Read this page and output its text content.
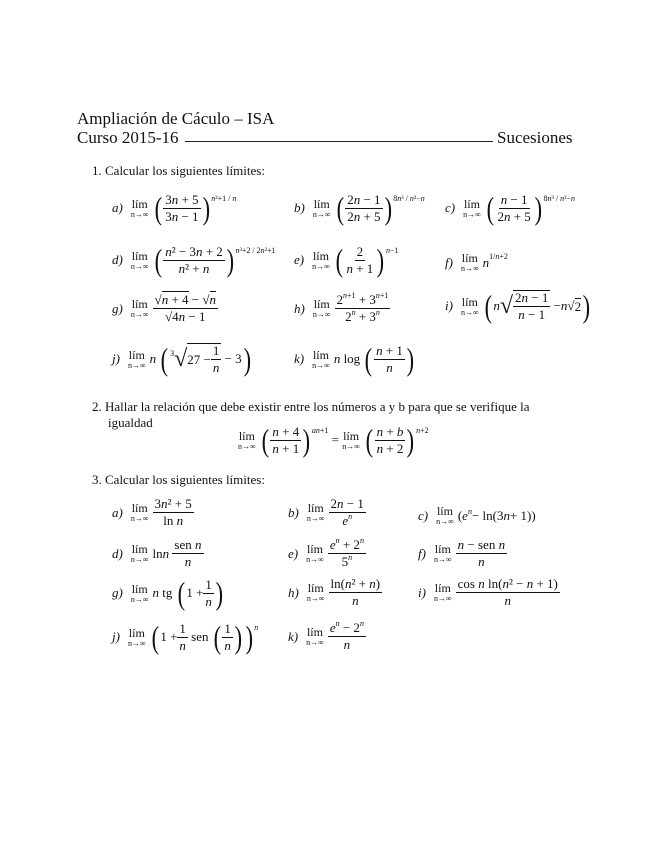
Ampliación de Cáculo – ISA
Curso 2015-16	Sucesiones
1. Calcular los siguientes límites:
a) lím
n→∞ ( $\frac{3n + 5}{3n - 1}$ ) $^{n^2+1 / n}$
b) lím
n→∞ ( $\frac{2n - 1}{2n + 5} )^{8n^3 / n^2-n}$
c) lím
n→∞ ( $\frac{n - 1}{2n + 5} )^{8n^3 / n^2-n}$
d) lím
n→∞ ( $\frac{\text{n² − 3n + 2}}{\text{n² + n}}$ ) $^{n^3+2 / 2n^2+1}$
e) lím
n→∞ ( $\frac{2}{n + 1}$ ) $^{n-1}$
f) lím
n→∞ $n^{1/n+2}$
g) lím
$n\to\infty \frac{√n + 4 - √n}{√4n - 1}$	h) lím
$n\to\infty \frac{2^{n+1} + 3^{n+1}}{2^n + 3^n}$	i) lím
n→∞ ( n √ $\frac{2n - 1}{n - 1} - n$ √ 2 )
j) lím
n→∞ n
($^3$ √ $27 - \frac{1}{n} - 3$ )	k) lím
n→∞ n log ( $\frac{n + 1}{n}$ )
2. Hallar la relación que debe existir entre los números a y b para que se verifique la
igualdad
lím
n→∞ ( $\frac{n + 4}{n + 1}$ ) $^{an+1}$
= lím
n→∞ ( $\frac{n + b}{n + 2}$ ) $^{n+2}$
3. Calcular los siguientes límites:
a) lím
$n\to\infty \frac{\text{3n² + 5}}{\text{ln n}}$	b) lím
$n\to\infty \frac{2n - 1}{e^n}$	c) lím
n→∞ ( e $^n$ − ln(3 n + 1))
d) lím
n→∞ ln n
$\frac{\text{sen n}}{n}$	e) lím
$n\to\infty \frac{e^n + 2^n}{5^n}$	f) lím
$n\to\infty \frac{\text{n − sen n}}{n}$
g) lím
n→∞ n tg ( $1 + \frac{1}{n}$ )	h) lím
$n\to\infty \frac{\text{ln(n² + n)}}{n}$	i) lím
$n\to\infty \frac{\text{cos n ln(n² − n + 1)}}{n}$
j) lím
n→∞ ( $1 + \frac{1}{n}$ sen ( $\frac{1}{n}$ ) ) $^n$
k) lím
$n\to\infty \frac{e^n - 2^n}{n}$
